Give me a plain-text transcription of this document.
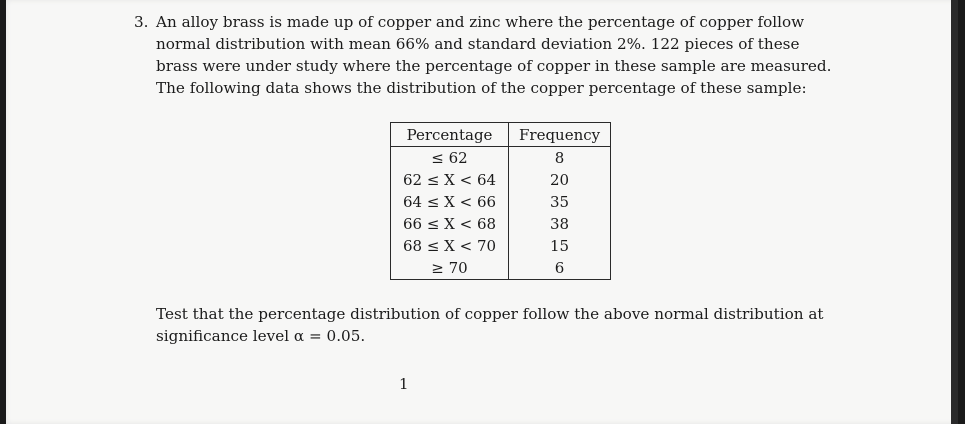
3. An alloy brass is made up of copper and zinc where the percentage of copper follow
normal distribution with mean 66% and standard deviation 2%. 122 pieces of these
brass were under study where the percentage of copper in these sample are measured.
The following data shows the distribution of the copper percentage of these sample:
Percentage	Frequency
≤ 62	8
62 ≤ X < 64	20
64 ≤ X < 66	35
66 ≤ X < 68	38
68 ≤ X < 70	15
≥ 70	6
Test that the percentage distribution of copper follow the above normal distribution at
significance level α = 0.05.
1
